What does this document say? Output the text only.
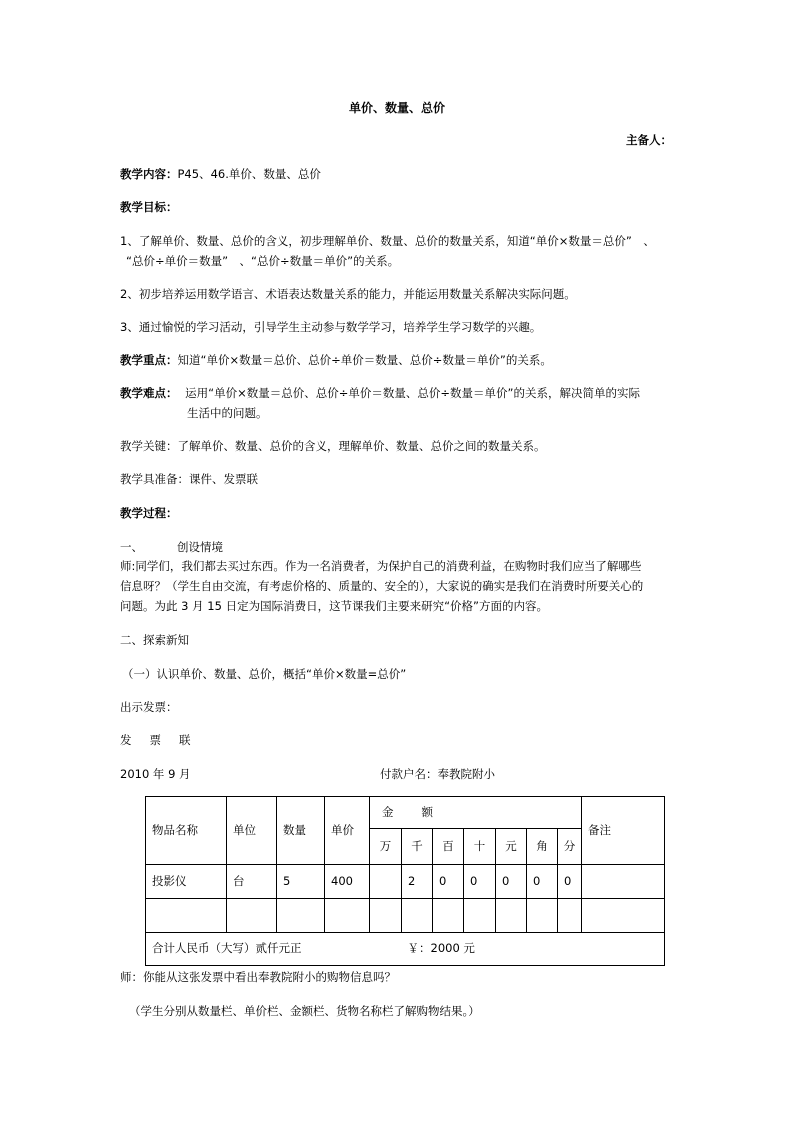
单价、数量、总价
主备人：
教学内容：P45、46.单价、数量、总价
教学目标：
1、了解单价、数量、总价的含义，初步理解单价、数量、总价的数量关系，知道“单价×数量＝总价”　、
“总价÷单价＝数量”　、“总价÷数量＝单价”的关系。
2、初步培养运用数学语言、术语表达数量关系的能力，并能运用数量关系解决实际问题。
3、通过愉悦的学习活动，引导学生主动参与数学学习，培养学生学习数学的兴趣。
教学重点：知道“单价×数量＝总价、总价÷单价＝数量、总价÷数量＝单价”的关系。
教学难点： 运用“单价×数量＝总价、总价÷单价＝数量、总价÷数量＝单价”的关系，解决简单的实际
生活中的问题。
教学关键：了解单价、数量、总价的含义，理解单价、数量、总价之间的数量关系。
教学具准备：课件、发票联
教学过程：
一、	创设情境
师:同学们，我们都去买过东西。作为一名消费者，为保护自己的消费利益，在购物时我们应当了解哪些
信息呀？（学生自由交流，有考虑价格的、质量的、安全的），大家说的确实是我们在消费时所要关心的
问题。为此 3 月 15 日定为国际消费日，这节课我们主要来研究“价格”方面的内容。
二、探索新知
（一）认识单价、数量、总价，概括“单价×数量=总价”
出示发票：
发 票 联
2010 年 9 月	付款户名：奉教院附小
物品名称	单位	数量	单价	金 额							备注
				万	千	百	十	元	角	分	
投影仪	台	5	400		2	0	0	0	0	0	

合计人民币（大写）贰仟元正 ￥：2000 元											
师：你能从这张发票中看出奉教院附小的购物信息吗？
（学生分别从数量栏、单价栏、金额栏、货物名称栏了解购物结果。）
